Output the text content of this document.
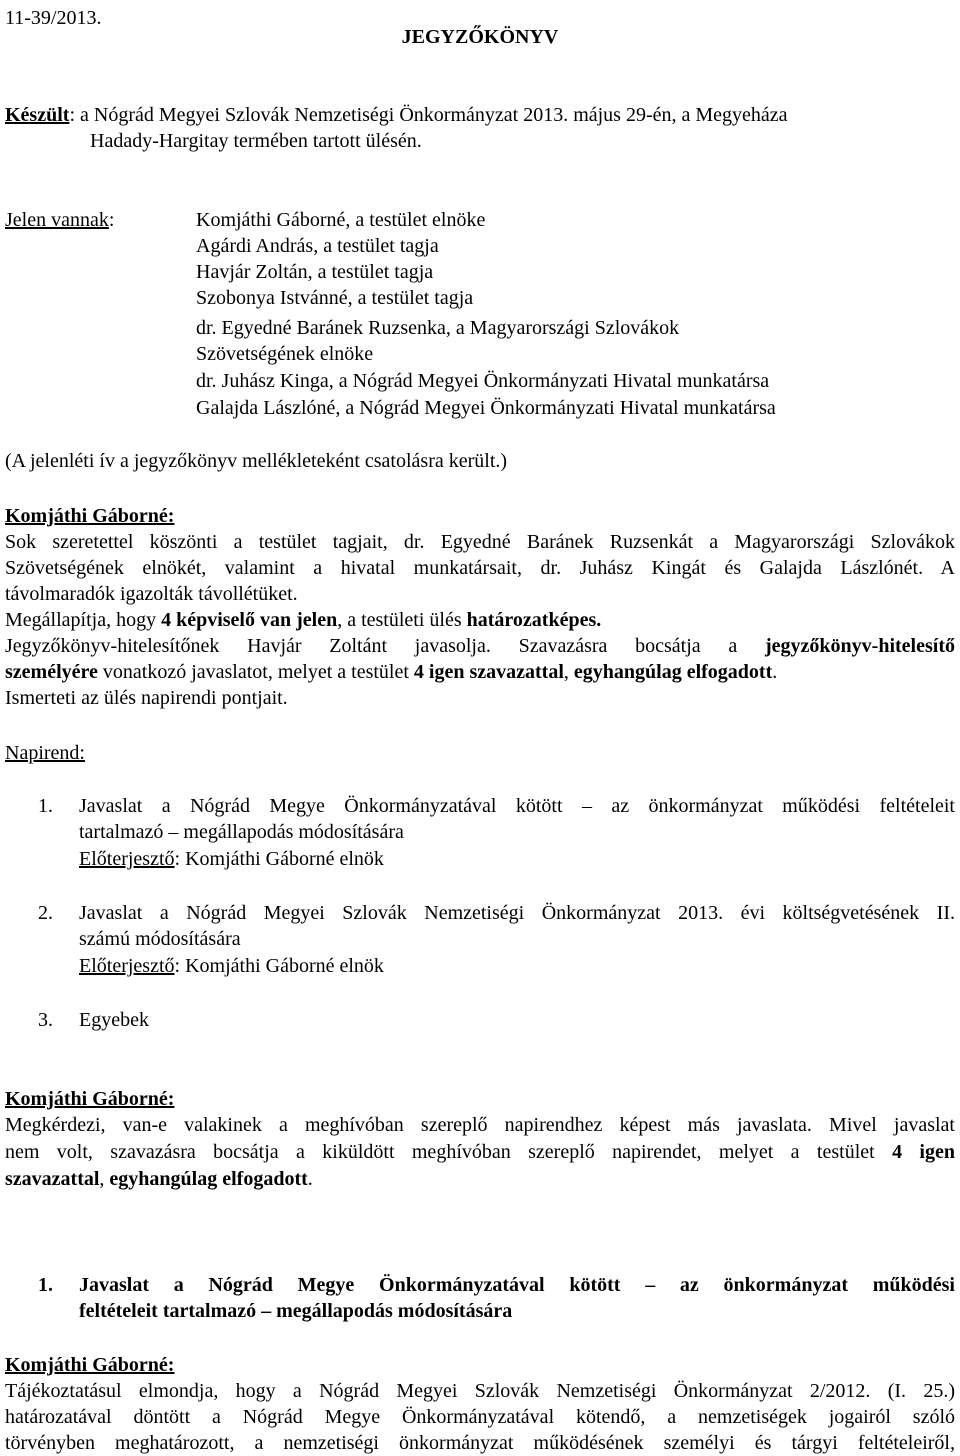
11-39/2013.
JEGYZŐKÖNYV
Készült: a Nógrád Megyei Szlovák Nemzetiségi Önkormányzat 2013. május 29-én, a Megyeháza
Hadady-Hargitay termében tartott ülésén.
Jelen vannak:	Komjáthi Gáborné, a testület elnöke
Agárdi András, a testület tagja
Havjár Zoltán, a testület tagja
Szobonya Istvánné, a testület tagja
dr. Egyedné Baránek Ruzsenka, a Magyarországi Szlovákok
Szövetségének elnöke
dr. Juhász Kinga, a Nógrád Megyei Önkormányzati Hivatal munkatársa
Galajda Lászlóné, a Nógrád Megyei Önkormányzati Hivatal munkatársa
(A jelenléti ív a jegyzőkönyv mellékleteként csatolásra került.)
Komjáthi Gáborné:
Sok szeretettel köszönti a testület tagjait, dr. Egyedné Baránek Ruzsenkát a Magyarországi Szlovákok
Szövetségének elnökét, valamint a hivatal munkatársait, dr. Juhász Kingát és Galajda Lászlónét. A
távolmaradók igazolták távollétüket.
Megállapítja, hogy 4 képviselő van jelen, a testületi ülés határozatképes.
Jegyzőkönyv-hitelesítőnek Havjár Zoltánt javasolja. Szavazásra bocsátja a jegyzőkönyv-hitelesítő
személyére vonatkozó javaslatot, melyet a testület 4 igen szavazattal, egyhangúlag elfogadott.
Ismerteti az ülés napirendi pontjait.
Napirend:
1. Javaslat a Nógrád Megye Önkormányzatával kötött – az önkormányzat működési feltételeit
tartalmazó – megállapodás módosítására
Előterjesztő: Komjáthi Gáborné elnök
2. Javaslat a Nógrád Megyei Szlovák Nemzetiségi Önkormányzat 2013. évi költségvetésének II.
számú módosítására
Előterjesztő: Komjáthi Gáborné elnök
3. Egyebek
Komjáthi Gáborné:
Megkérdezi, van-e valakinek a meghívóban szereplő napirendhez képest más javaslata. Mivel javaslat
nem volt, szavazásra bocsátja a kiküldött meghívóban szereplő napirendet, melyet a testület 4 igen
szavazattal, egyhangúlag elfogadott.
1. Javaslat a Nógrád Megye Önkormányzatával kötött – az önkormányzat működési
feltételeit tartalmazó – megállapodás módosítására
Komjáthi Gáborné:
Tájékoztatásul elmondja, hogy a Nógrád Megyei Szlovák Nemzetiségi Önkormányzat 2/2012. (I. 25.)
határozatával döntött a Nógrád Megye Önkormányzatával kötendő, a nemzetiségek jogairól szóló
törvényben meghatározott, a nemzetiségi önkormányzat működésének személyi és tárgyi feltételeiről,
